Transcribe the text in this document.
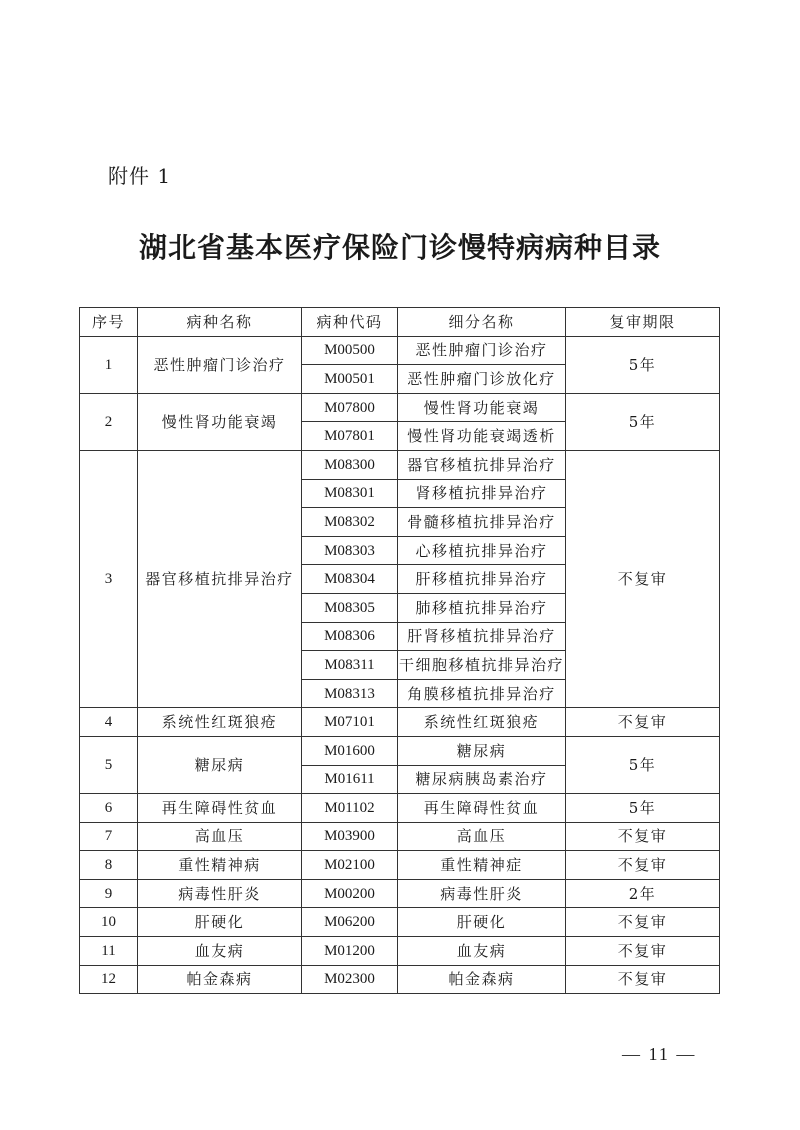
附件 1
湖北省基本医疗保险门诊慢特病病种目录
序号	病种名称	病种代码	细分名称	复审期限
1	恶性肿瘤门诊治疗	M00500	恶性肿瘤门诊治疗	5年
		M00501	恶性肿瘤门诊放化疗	
2	慢性肾功能衰竭	M07800	慢性肾功能衰竭	5年
		M07801	慢性肾功能衰竭透析	
3	器官移植抗排异治疗	M08300	器官移植抗排异治疗	不复审
		M08301	肾移植抗排异治疗	
		M08302	骨髓移植抗排异治疗	
		M08303	心移植抗排异治疗	
		M08304	肝移植抗排异治疗	
		M08305	肺移植抗排异治疗	
		M08306	肝肾移植抗排异治疗	
		M08311	干细胞移植抗排异治疗	
		M08313	角膜移植抗排异治疗	
4	系统性红斑狼疮	M07101	系统性红斑狼疮	不复审
5	糖尿病	M01600	糖尿病	5年
		M01611	糖尿病胰岛素治疗	
6	再生障碍性贫血	M01102	再生障碍性贫血	5年
7	高血压	M03900	高血压	不复审
8	重性精神病	M02100	重性精神症	不复审
9	病毒性肝炎	M00200	病毒性肝炎	2年
10	肝硬化	M06200	肝硬化	不复审
11	血友病	M01200	血友病	不复审
12	帕金森病	M02300	帕金森病	不复审
— 11 —
